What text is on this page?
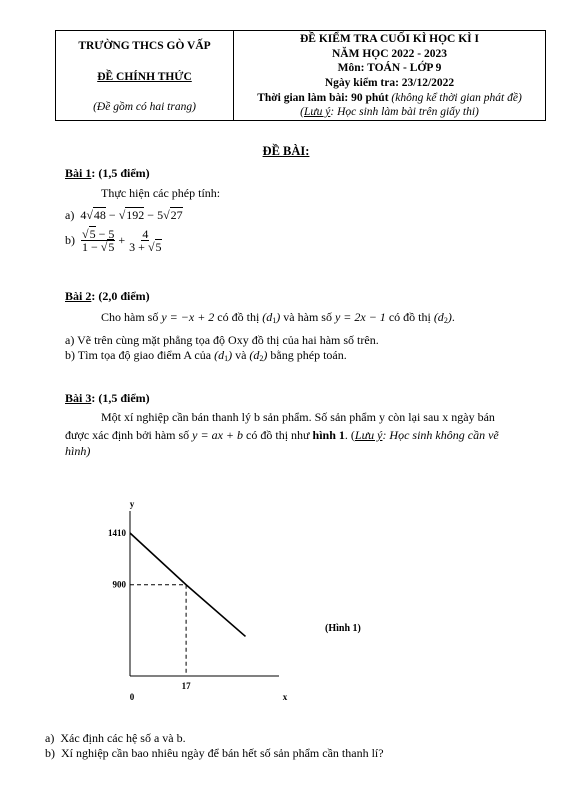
TRƯỜNG THCS GÒ VẤP
ĐỀ CHÍNH THỨC
(Đề gồm có hai trang)
ĐỀ KIỂM TRA CUỐI KÌ HỌC KÌ I
NĂM HỌC 2022 - 2023
Môn: TOÁN - LỚP 9
Ngày kiểm tra: 23/12/2022
Thời gian làm bài: 90 phút (không kể thời gian phát đề)
(Lưu ý: Học sinh làm bài trên giấy thi)
ĐỀ BÀI:
Bài 1: (1,5 điểm)
Thực hiện các phép tính:
a) 4√48 − √192 − 5√27
$b) \frac{√5 - 5}{1 - √5} + \frac{4}{3 + √5}$
Bài 2: (2,0 điểm)
Cho hàm số y = −x + 2 có đồ thị $(d_1)$ và hàm số y = 2x − 1 có đồ thị $(d_2)$.
a) Vẽ trên cùng mặt phẳng tọa độ Oxy đồ thị của hai hàm số trên.
b) Tìm tọa độ giao điểm A của $(d_1)$ và $(d_2)$ bằng phép toán.
Bài 3: (1,5 điểm)
Một xí nghiệp cần bán thanh lý b sản phẩm. Số sản phẩm y còn lại sau x ngày bán
được xác định bởi hàm số y = ax + b có đồ thị như hình 1. (Lưu ý: Học sinh không cần vẽ
hình)
y
x
0
900
1410
17
(Hình 1)
a) Xác định các hệ số a và b.
b) Xí nghiệp cần bao nhiêu ngày để bán hết số sản phẩm cần thanh lí?
